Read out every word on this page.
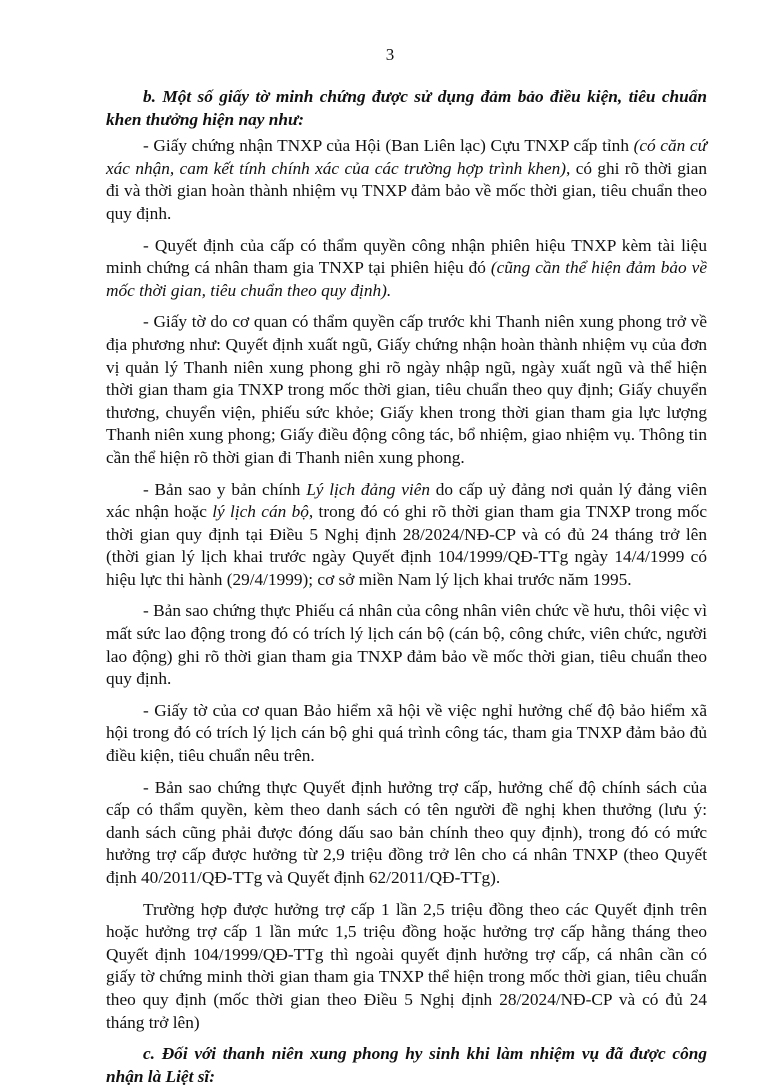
3

b. Một số giấy tờ minh chứng được sử dụng đảm bảo điều kiện, tiêu chuẩn khen thưởng hiện nay như:

- Giấy chứng nhận TNXP của Hội (Ban Liên lạc) Cựu TNXP cấp tỉnh (có căn cứ xác nhận, cam kết tính chính xác của các trường hợp trình khen), có ghi rõ thời gian đi và thời gian hoàn thành nhiệm vụ TNXP đảm bảo về mốc thời gian, tiêu chuẩn theo quy định.

- Quyết định của cấp có thẩm quyền công nhận phiên hiệu TNXP kèm tài liệu minh chứng cá nhân tham gia TNXP tại phiên hiệu đó (cũng cần thể hiện đảm bảo về mốc thời gian, tiêu chuẩn theo quy định).

- Giấy tờ do cơ quan có thẩm quyền cấp trước khi Thanh niên xung phong trở về địa phương như: Quyết định xuất ngũ, Giấy chứng nhận hoàn thành nhiệm vụ của đơn vị quản lý Thanh niên xung phong ghi rõ ngày nhập ngũ, ngày xuất ngũ và thể hiện thời gian tham gia TNXP trong mốc thời gian, tiêu chuẩn theo quy định; Giấy chuyển thương, chuyển viện, phiếu sức khỏe; Giấy khen trong thời gian tham gia lực lượng Thanh niên xung phong; Giấy điều động công tác, bổ nhiệm, giao nhiệm vụ. Thông tin cần thể hiện rõ thời gian đi Thanh niên xung phong.

- Bản sao y bản chính Lý lịch đảng viên do cấp uỷ đảng nơi quản lý đảng viên xác nhận hoặc lý lịch cán bộ, trong đó có ghi rõ thời gian tham gia TNXP trong mốc thời gian quy định tại Điều 5 Nghị định 28/2024/NĐ-CP và có đủ 24 tháng trở lên (thời gian lý lịch khai trước ngày Quyết định 104/1999/QĐ-TTg ngày 14/4/1999 có hiệu lực thi hành (29/4/1999); cơ sở miền Nam lý lịch khai trước năm 1995.

- Bản sao chứng thực Phiếu cá nhân của công nhân viên chức về hưu, thôi việc vì mất sức lao động trong đó có trích lý lịch cán bộ (cán bộ, công chức, viên chức, người lao động) ghi rõ thời gian tham gia TNXP đảm bảo về mốc thời gian, tiêu chuẩn theo quy định.

- Giấy tờ của cơ quan Bảo hiểm xã hội về việc nghỉ hưởng chế độ bảo hiểm xã hội trong đó có trích lý lịch cán bộ ghi quá trình công tác, tham gia TNXP đảm bảo đủ điều kiện, tiêu chuẩn nêu trên.

- Bản sao chứng thực Quyết định hưởng trợ cấp, hưởng chế độ chính sách của cấp có thẩm quyền, kèm theo danh sách có tên người đề nghị khen thưởng (lưu ý: danh sách cũng phải được đóng dấu sao bản chính theo quy định), trong đó có mức hưởng trợ cấp được hưởng từ 2,9 triệu đồng trở lên cho cá nhân TNXP (theo Quyết định 40/2011/QĐ-TTg và Quyết định 62/2011/QĐ-TTg).

Trường hợp được hưởng trợ cấp 1 lần 2,5 triệu đồng theo các Quyết định trên hoặc hưởng trợ cấp 1 lần mức 1,5 triệu đồng hoặc hưởng trợ cấp hằng tháng theo Quyết định 104/1999/QĐ-TTg thì ngoài quyết định hưởng trợ cấp, cá nhân cần có giấy tờ chứng minh thời gian tham gia TNXP thể hiện trong mốc thời gian, tiêu chuẩn theo quy định (mốc thời gian theo Điều 5 Nghị định 28/2024/NĐ-CP và có đủ 24 tháng trở lên)

c. Đối với thanh niên xung phong hy sinh khi làm nhiệm vụ đã được công nhận là Liệt sĩ:
